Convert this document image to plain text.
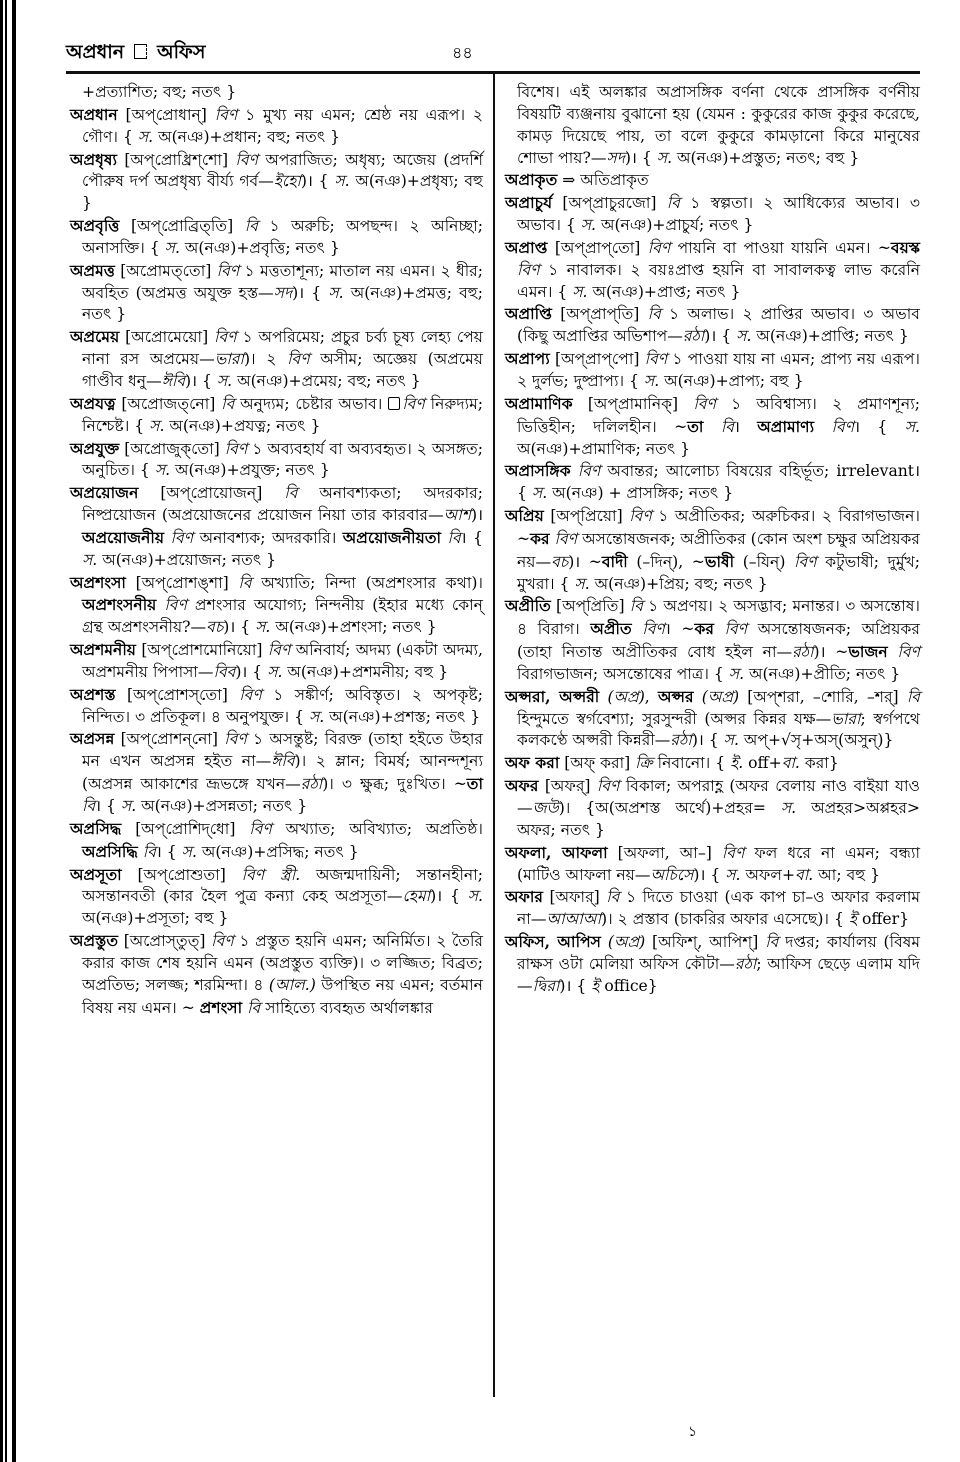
অপ্রধান অফিস	৪৪

+প্রত্যাশিত; বহু; নতৎ }

অপ্রধান [অপ্‌প্রোধান্‌] বিণ ১ মুখ্য নয় এমন; শ্রেষ্ঠ নয় এরূপ। ২ গৌণ। { স. অ(নঞ)+প্রধান; বহু; নতৎ }

অপ্রধৃষ্য [অপ্‌প্রোধ্রিশ্‌শো] বিণ অপরাজিত; অধৃষ্য; অজেয় (প্রদর্শি পৌরুষ দর্প অপ্রধৃষ্য বীর্য্য গর্ব—ইহো)। { স. অ(নঞ)+প্রধৃষ্য; বহু }

অপ্রবৃত্তি [অপ্‌প্রোব্রিত্‌তি] বি ১ অরুচি; অপছন্দ। ২ অনিচ্ছা; অনাসক্তি। { স. অ(নঞ)+প্রবৃত্তি; নতৎ }

অপ্রমত্ত [অপ্রোমত্‌তো] বিণ ১ মত্ততাশূন্য; মাতাল নয় এমন। ২ ধীর; অবহিত (অপ্রমত্ত অযুক্ত হস্ত—সদ)। { স. অ(নঞ)+প্রমত্ত; বহু; নতৎ }

অপ্রমেয় [অপ্রোমেয়ো] বিণ ১ অপরিমেয়; প্রচুর চর্ব্য চূষ্য লেহ্য পেয় নানা রস অপ্রমেয়—ভারা)। ২ বিণ অসীম; অজ্ঞেয় (অপ্রমেয় গাণ্ডীব ধনু—ঈবি)। { স. অ(নঞ)+প্রমেয়; বহু; নতৎ }

অপ্রযত্ন [অপ্রোজত্‌নো] বি অনুদ্যম; চেষ্টার অভাব। বিণ নিরুদ্যম; নিশ্চেষ্ট। { স. অ(নঞ)+প্রযত্ন; নতৎ }

অপ্রযুক্ত [অপ্রোজুক্‌তো] বিণ ১ অব্যবহার্য বা অব্যবহৃত। ২ অসঙ্গত; অনুচিত। { স. অ(নঞ)+প্রযুক্ত; নতৎ }

অপ্রয়োজন [অপ্‌প্রোয়োজন্‌] বি অনাবশ্যকতা; অদরকার; নিষ্প্রয়োজন (অপ্রয়োজনের প্রয়োজন নিয়া তার কারবার—আশ)। অপ্রয়োজনীয় বিণ অনাবশ্যক; অদরকারি। অপ্রয়োজনীয়তা বি। { স. অ(নঞ)+প্রয়োজন; নতৎ }

অপ্রশংসা [অপ্‌প্রোশঙ্‌শা] বি অখ্যাতি; নিন্দা (অপ্রশংসার কথা)। অপ্রশংসনীয় বিণ প্রশংসার অযোগ্য; নিন্দনীয় (ইহার মধ্যে কোন্‌ গ্রন্থ অপ্রশংসনীয়?—বচ)। { স. অ(নঞ)+প্রশংসা; নতৎ }

অপ্রশমনীয় [অপ্‌প্রোশমোনিয়ো] বিণ অনিবার্য; অদম্য (একটা অদম্য, অপ্রশমনীয় পিপাসা—বিব)। { স. অ(নঞ)+প্রশমনীয়; বহু }

অপ্রশস্ত [অপ্‌প্রোশস্‌তো] বিণ ১ সঙ্কীর্ণ; অবিস্তৃত। ২ অপকৃষ্ট; নিন্দিত। ৩ প্রতিকূল। ৪ অনুপযুক্ত। { স. অ(নঞ)+প্রশস্ত; নতৎ }

অপ্রসন্ন [অপ্‌প্রোশন্‌নো] বিণ ১ অসন্তুষ্ট; বিরক্ত (তাহা হইতে উহার মন এখন অপ্রসন্ন হইত না—ঈবি)। ২ ম্লান; বিমর্ষ; আনন্দশূন্য (অপ্রসন্ন আকাশের ভ্রূভঙ্গে যখন—রঠা)। ৩ ক্ষুব্ধ; দুঃখিত। ~তা বি। { স. অ(নঞ)+প্রসন্নতা; নতৎ }

অপ্রসিদ্ধ [অপ্‌প্রোশিদ্‌ধো] বিণ অখ্যাত; অবিখ্যাত; অপ্রতিষ্ঠ। অপ্রসিদ্ধি বি। { স. অ(নঞ)+প্রসিদ্ধ; নতৎ }

অপ্রসূতা [অপ্‌প্রোশুতা] বিণ স্ত্রী. অজন্মদায়িনী; সন্তানহীনা; অসন্তানবতী (কার হৈল পুত্র কন্যা কেহ অপ্রসূতা—হেমা)। { স. অ(নঞ)+প্রসূতা; বহু }

অপ্রস্তুত [অপ্রোস্‌তুত্‌] বিণ ১ প্রস্তুত হয়নি এমন; অনির্মিত। ২ তৈরি করার কাজ শেষ হয়নি এমন (অপ্রস্তুত ব্যক্তি)। ৩ লজ্জিত; বিব্রত; অপ্রতিভ; সলজ্জ; শরমিন্দা। ৪ (আল.) উপস্থিত নয় এমন; বর্তমান বিষয় নয় এমন। ~ প্রশংসা বি সাহিত্যে ব্যবহৃত অর্থালঙ্কার

বিশেষ। এই অলঙ্কার অপ্রাসঙ্গিক বর্ণনা থেকে প্রাসঙ্গিক বর্ণনীয় বিষয়টি ব্যঞ্জনায় বুঝানো হয় (যেমন : কুকুরের কাজ কুকুর করেছে, কামড় দিয়েছে পায়, তা বলে কুকুরে কামড়ানো কিরে মানুষের শোভা পায়?—সদ)। { স. অ(নঞ)+প্রস্তুত; নতৎ; বহু }

অপ্রাকৃত ⇒ অতিপ্রাকৃত

অপ্রাচুর্য [অপ্‌প্রাচুরজো] বি ১ স্বল্পতা। ২ আধিক্যের অভাব। ৩ অভাব। { স. অ(নঞ)+প্রাচুর্য; নতৎ }

অপ্রাপ্ত [অপ্‌প্রাপ্‌তো] বিণ পায়নি বা পাওয়া যায়নি এমন। ~বয়স্ক বিণ ১ নাবালক। ২ বয়ঃপ্রাপ্ত হয়নি বা সাবালকত্ব লাভ করেনি এমন। { স. অ(নঞ)+প্রাপ্ত; নতৎ }

অপ্রাপ্তি [অপ্‌প্রাপ্‌তি] বি ১ অলাভ। ২ প্রাপ্তির অভাব। ৩ অভাব (কিছু অপ্রাপ্তির অভিশাপ—রঠা)। { স. অ(নঞ)+প্রাপ্তি; নতৎ }

অপ্রাপ্য [অপ্‌প্রাপ্‌পো] বিণ ১ পাওয়া যায় না এমন; প্রাপ্য নয় এরূপ। ২ দুর্লভ; দুষ্প্রাপ্য। { স. অ(নঞ)+প্রাপ্য; বহু }

অপ্রামাণিক [অপ্‌প্রামানিক্‌] বিণ ১ অবিশ্বাস্য। ২ প্রমাণশূন্য; ভিত্তিহীন; দলিলহীন। ~তা বি। অপ্রামাণ্য বিণ। { স. অ(নঞ)+প্রামাণিক; নতৎ }

অপ্রাসঙ্গিক বিণ অবান্তর; আলোচ্য বিষয়ের বহির্ভূত; irrelevant। { স. অ(নঞ) + প্রাসঙ্গিক; নতৎ }

অপ্রিয় [অপ্‌প্রিয়ো] বিণ ১ অপ্রীতিকর; অরুচিকর। ২ বিরাগভাজন। ~কর বিণ অসন্তোষজনক; অপ্রীতিকর (কোন অংশ চক্ষুর অপ্রিয়কর নয়—বচ)। ~বাদী (–দিন্‌), ~ভাষী (–যিন্‌) বিণ কটুভাষী; দুর্মুখ; মুখরা। { স. অ(নঞ)+প্রিয়; বহু; নতৎ }

অপ্রীতি [অপ্‌প্রিতি] বি ১ অপ্রণয়। ২ অসদ্ভাব; মনান্তর। ৩ অসন্তোষ। ৪ বিরাগ। অপ্রীত বিণ। ~কর বিণ অসন্তোষজনক; অপ্রিয়কর (তাহা নিতান্ত অপ্রীতিকর বোধ হইল না—রঠা)। ~ভাজন বিণ বিরাগভাজন; অসন্তোষের পাত্র। { স. অ(নঞ)+প্রীতি; নতৎ }

অপ্সরা, অপ্সরী (অপ্র), অপ্সর (অপ্র) [অপ্‌শরা, –শোরি, –শর্‌] বি হিন্দুমতে স্বর্গবেশ্যা; সুরসুন্দরী (অপ্সর কিন্নর যক্ষ—ভারা; স্বর্গপথে কলকণ্ঠে অপ্সরী কিন্নরী—রঠা)। { স. অপ্‌+√সৃ+অস্‌(অসুন্‌)}

অফ করা [অফ্‌ করা] ক্রি নিবানো। { ই. off+বা. করা}

অফর [অফর্‌] বিণ বিকাল; অপরাহ্ণ (অফর বেলায় নাও বাইয়া যাও—জউ)। {অ(অপ্রশস্ত অর্থে)+প্রহর= স. অপ্রহর>অপ্পহর> অফর; নতৎ }

অফলা, আফলা [অফলা, আ–] বিণ ফল ধরে না এমন; বন্ধ্যা (মাটিও আফলা নয়—অচিসে)। { স. অফল+বা. আ; বহু }

অফার [অফার্‌] বি ১ দিতে চাওয়া (এক কাপ চা–ও অফার করলাম না—আআআ)। ২ প্রস্তাব (চাকরির অফার এসেছে)। { ই offer}

অফিস, আপিস (অপ্র) [অফিশ্‌, আপিশ্‌] বি দপ্তর; কার্যালয় (বিষম রাক্ষস ওটা মেলিয়া অফিস কৌটা—রঠা; আফিস ছেড়ে এলাম যদি—দ্বিরা)। { ই office}

১
